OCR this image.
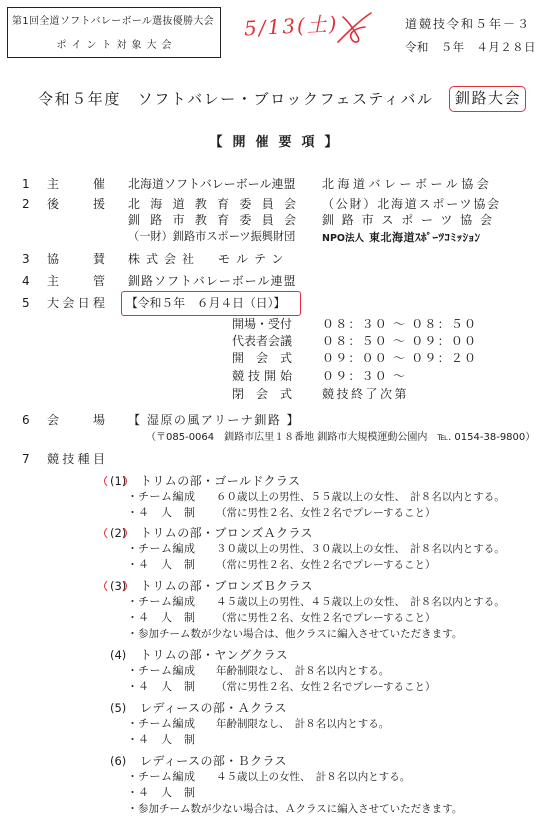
第1回全道ソフトバレーボール選抜優勝大会
ポイント対象大会
5/13(土)	道競技令和５年－３
令和　５年　４月２８日
令和５年度　ソフトバレー・ブロックフェスティバル	釧路大会
【開催要項】
1 主催 北海道ソフトバレーボール連盟 北海道バレーボール協会
2 後援 北海道教育委員会 （公財）北海道スポーツ協会
釧路市教育委員会 釧路市スポーツ協会
（一財）釧路市スポーツ振興財団	NPO法人 東北海道ｽﾎﾟｰﾂｺﾐｯｼｮﾝ
3 協賛 株式会社　モルテン
4 主管 釧路ソフトバレーボール連盟
5 大会日程 【令和５年　６月４日（日）】
開場・受付 ０８：３０ ～ ０８：５０
代表者会議 ０８：５０ ～ ０９：００
開会式	０９：００ ～ ０９：２０
競技開始	０９：３０ ～
閉会式	競技終了次第
6 会場 【 湿原の風アリーナ釧路 】
（〒085-0064　釧路市広里１８番地 釧路市大規模運動公園内　℡. 0154-38-9800）
7 競技種目
(1) トリムの部・ゴールドクラス
・ チーム編成 ６０歳以上の男性、５５歳以上の女性、　計８名以内とする。
・ ４人制 （常に男性２名、女性２名でプレーすること）
(2) トリムの部・ブロンズＡクラス
・ チーム編成 ３０歳以上の男性、３０歳以上の女性、　計８名以内とする。
・ ４人制 （常に男性２名、女性２名でプレーすること）
(3) トリムの部・ブロンズＢクラス
・ チーム編成 ４５歳以上の男性、４５歳以上の女性、　計８名以内とする。
・ ４人制 （常に男性２名、女性２名でプレーすること）
・ 参加チーム数が少ない場合は、他クラスに編入させていただきます。
(4) トリムの部・ヤングクラス
・ チーム編成 年齢制限なし、　計８名以内とする。
・ ４人制 （常に男性２名、女性２名でプレーすること）
(5) レディースの部・Ａクラス
・ チーム編成 年齢制限なし、　計８名以内とする。
・ ４人制
(6) レディースの部・Ｂクラス
・ チーム編成 ４５歳以上の女性、　計８名以内とする。
・ ４人制
・ 参加チーム数が少ない場合は、Ａクラスに編入させていただきます。
